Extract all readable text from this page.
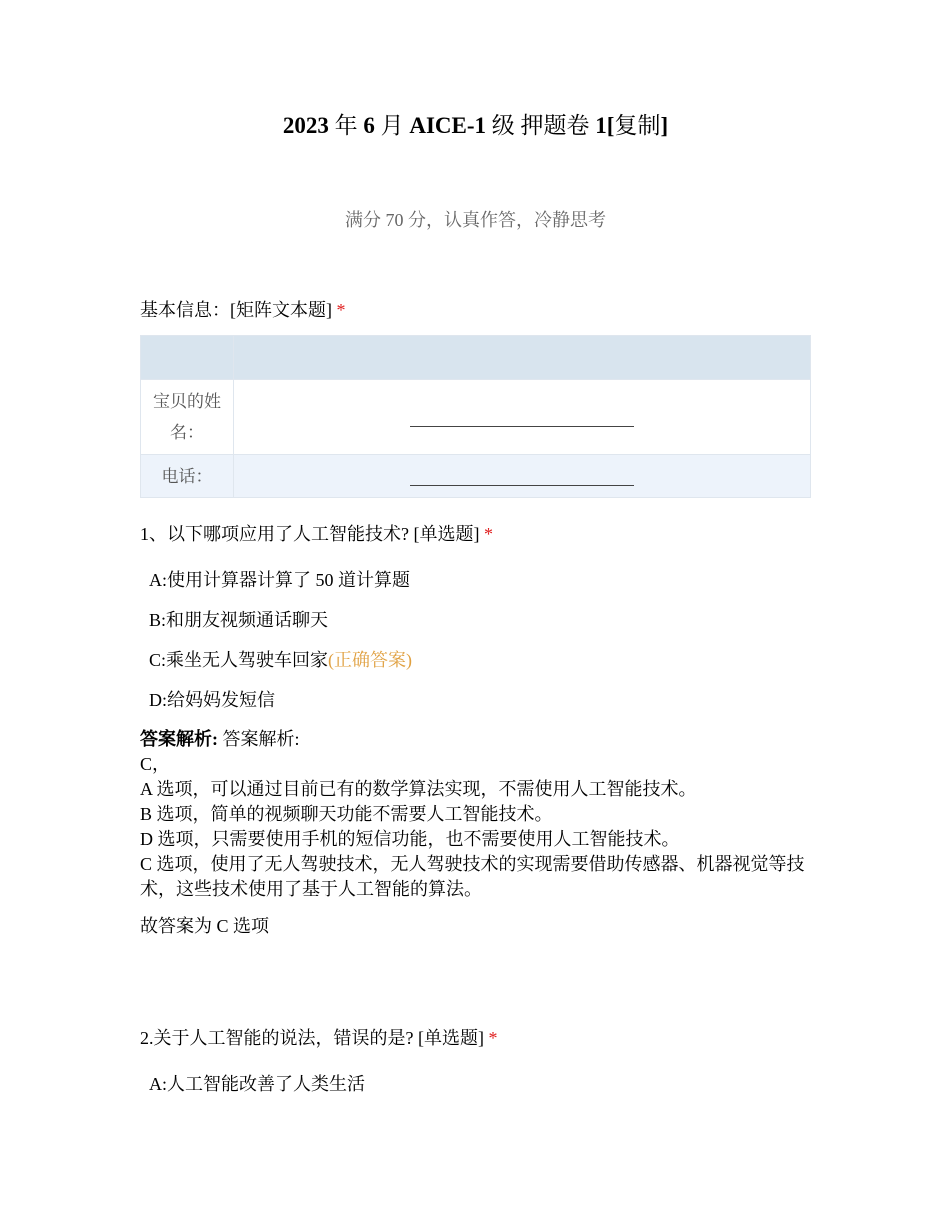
2023 年 6 月 AICE-1 级 押题卷 1[复制]
满分 70 分，认真作答，冷静思考
基本信息：[矩阵文本题] *

宝贝的姓名：	
电话：	
1、以下哪项应用了人工智能技术? [单选题] *
A:使用计算器计算了 50 道计算题
B:和朋友视频通话聊天
C:乘坐无人驾驶车回家(正确答案)
D:给妈妈发短信

答案解析: 答案解析:

C，

A 选项，可以通过目前已有的数学算法实现，不需使用人工智能技术。

B 选项，简单的视频聊天功能不需要人工智能技术。

D 选项，只需要使用手机的短信功能，也不需要使用人工智能技术。

C 选项，使用了无人驾驶技术，无人驾驶技术的实现需要借助传感器、机器视觉等技术，这些技术使用了基于人工智能的算法。

故答案为 C 选项

2.关于人工智能的说法，错误的是? [单选题] *
A:人工智能改善了人类生活
